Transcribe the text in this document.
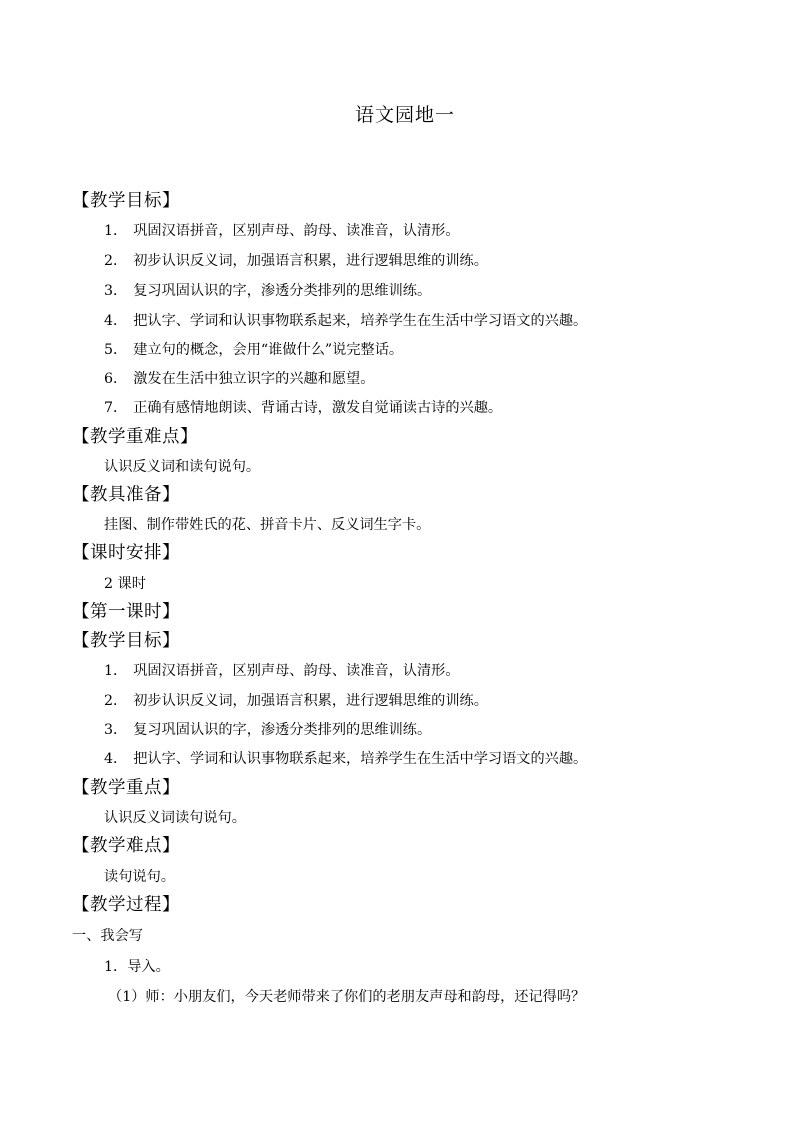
语文园地一
【教学目标】
1． 巩固汉语拼音，区别声母、韵母、读准音，认清形。
2． 初步认识反义词，加强语言积累，进行逻辑思维的训练。
3． 复习巩固认识的字，渗透分类排列的思维训练。
4． 把认字、学词和认识事物联系起来，培养学生在生活中学习语文的兴趣。
5． 建立句的概念，会用“谁做什么”说完整话。
6． 激发在生活中独立识字的兴趣和愿望。
7． 正确有感情地朗读、背诵古诗，激发自觉诵读古诗的兴趣。
【教学重难点】
认识反义词和读句说句。
【教具准备】
挂图、制作带姓氏的花、拼音卡片、反义词生字卡。
【课时安排】
2 课时
【第一课时】
【教学目标】
1． 巩固汉语拼音，区别声母、韵母、读准音，认清形。
2． 初步认识反义词，加强语言积累，进行逻辑思维的训练。
3． 复习巩固认识的字，渗透分类排列的思维训练。
4． 把认字、学词和认识事物联系起来，培养学生在生活中学习语文的兴趣。
【教学重点】
认识反义词读句说句。
【教学难点】
读句说句。
【教学过程】
一、我会写
1．导入。
（1）师：小朋友们，今天老师带来了你们的老朋友声母和韵母，还记得吗？
